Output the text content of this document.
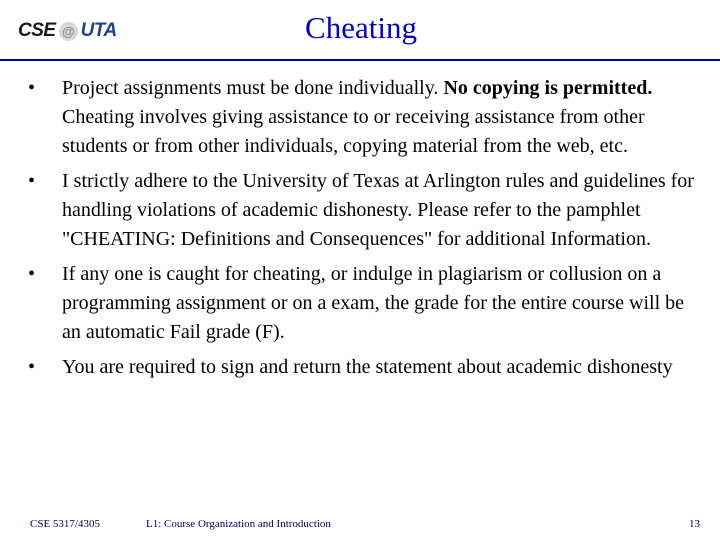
CSE @ UTA	Cheating
•	Project assignments must be done individually. No copying is permitted. Cheating involves giving assistance to or receiving assistance from other students or from other individuals, copying material from the web, etc.
•	I strictly adhere to the University of Texas at Arlington rules and guidelines for handling violations of academic dishonesty. Please refer to the pamphlet "CHEATING: Definitions and Consequences" for additional Information.
•	If any one is caught for cheating, or indulge in plagiarism or collusion on a programming assignment or on a exam, the grade for the entire course will be an automatic Fail grade (F).
•	You are required to sign and return the statement about academic dishonesty
CSE 5317/4305	L1: Course Organization and Introduction	13
